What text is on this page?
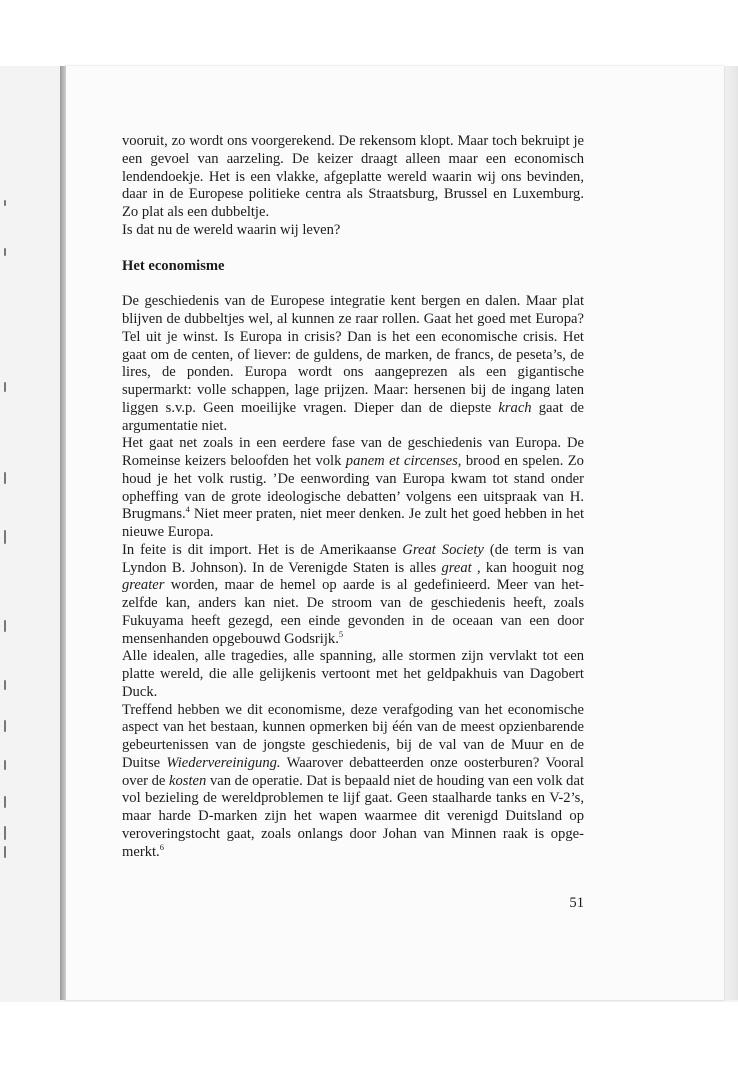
vooruit, zo wordt ons voorgerekend. De rekensom klopt. Maar toch bekruipt je een gevoel van aarzeling. De keizer draagt alleen maar een economisch lendendoekje. Het is een vlakke, afgeplatte wereld waarin wij ons bevinden, daar in de Europese politieke centra als Straatsburg, Brussel en Luxemburg. Zo plat als een dubbeltje.

Is dat nu de wereld waarin wij leven?

Het economisme

De geschiedenis van de Europese integratie kent bergen en dalen. Maar plat blijven de dubbeltjes wel, al kunnen ze raar rollen. Gaat het goed met Europa? Tel uit je winst. Is Europa in crisis? Dan is het een economische crisis. Het gaat om de centen, of liever: de guldens, de marken, de francs, de peseta’s, de lires, de ponden. Europa wordt ons aangeprezen als een gigantische supermarkt: volle schappen, lage prijzen. Maar: hersenen bij de ingang laten liggen s.v.p. Geen moeilijke vragen. Dieper dan de diepste krach gaat de argumentatie niet.

Het gaat net zoals in een eerdere fase van de geschiedenis van Europa. De Romeinse keizers beloofden het volk panem et circenses, brood en spelen. Zo houd je het volk rustig. ’De eenwording van Europa kwam tot stand onder opheffing van de grote ideologische debatten’ volgens een uitspraak van H. Brugmans.$^4$ Niet meer praten, niet meer denken. Je zult het goed hebben in het nieuwe Europa.

In feite is dit import. Het is de Amerikaanse Great Society (de term is van Lyndon B. Johnson). In de Verenigde Staten is alles great , kan hooguit nog greater worden, maar de hemel op aarde is al gedefinieerd. Meer van het-zelfde kan, anders kan niet. De stroom van de geschiedenis heeft, zoals Fukuyama heeft gezegd, een einde gevonden in de oceaan van een door mensenhanden opgebouwd Godsrijk.$^5$

Alle idealen, alle tragedies, alle spanning, alle stormen zijn vervlakt tot een platte wereld, die alle gelijkenis vertoont met het geldpakhuis van Dagobert Duck.

Treffend hebben we dit economisme, deze verafgoding van het economische aspect van het bestaan, kunnen opmerken bij één van de meest opzienbarende gebeurtenissen van de jongste geschiedenis, bij de val van de Muur en de Duitse Wiedervereinigung. Waarover debatteerden onze oosterburen? Vooral over de kosten van de operatie. Dat is bepaald niet de houding van een volk dat vol bezieling de wereldproblemen te lijf gaat. Geen staalharde tanks en V-2’s, maar harde D-marken zijn het wapen waarmee dit verenigd Duitsland op veroveringstocht gaat, zoals onlangs door Johan van Minnen raak is opge-merkt.$^6$

51
